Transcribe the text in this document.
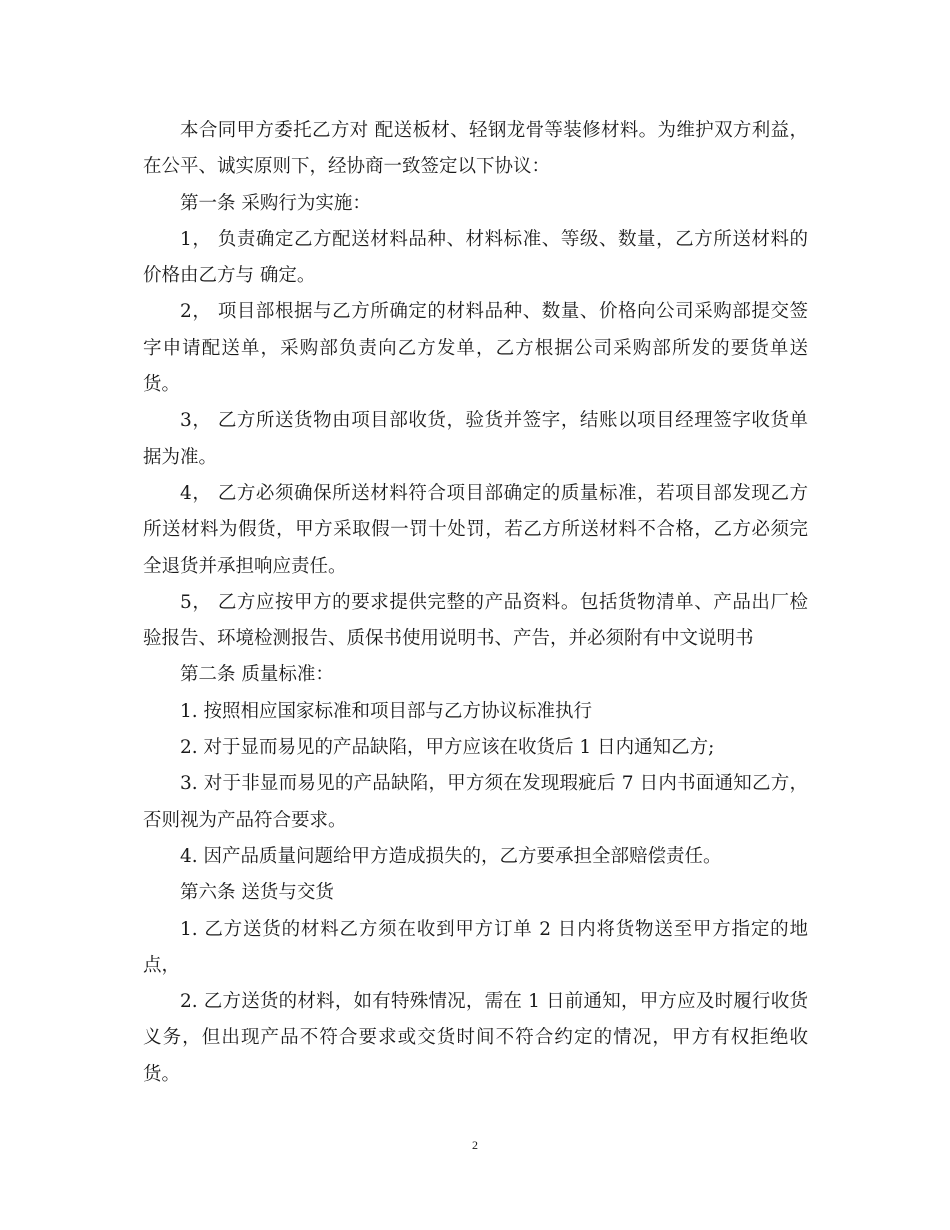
本合同甲方委托乙方对 配送板材、轻钢龙骨等装修材料。为维护双方利益，在公平、诚实原则下，经协商一致签定以下协议：

第一条 采购行为实施：

1， 负责确定乙方配送材料品种、材料标准、等级、数量，乙方所送材料的价格由乙方与 确定。

2， 项目部根据与乙方所确定的材料品种、数量、价格向公司采购部提交签字申请配送单，采购部负责向乙方发单，乙方根据公司采购部所发的要货单送货。

3， 乙方所送货物由项目部收货，验货并签字，结账以项目经理签字收货单据为准。

4， 乙方必须确保所送材料符合项目部确定的质量标准，若项目部发现乙方所送材料为假货，甲方采取假一罚十处罚，若乙方所送材料不合格，乙方必须完全退货并承担响应责任。

5， 乙方应按甲方的要求提供完整的产品资料。包括货物清单、产品出厂检验报告、环境检测报告、质保书使用说明书、产告，并必须附有中文说明书

第二条 质量标准：

1. 按照相应国家标准和项目部与乙方协议标准执行

2. 对于显而易见的产品缺陷，甲方应该在收货后 1 日内通知乙方;

3. 对于非显而易见的产品缺陷，甲方须在发现瑕疵后 7 日内书面通知乙方，否则视为产品符合要求。

4. 因产品质量问题给甲方造成损失的，乙方要承担全部赔偿责任。

第六条 送货与交货

1. 乙方送货的材料乙方须在收到甲方订单 2 日内将货物送至甲方指定的地点，

2. 乙方送货的材料，如有特殊情况，需在 1 日前通知，甲方应及时履行收货义务，但出现产品不符合要求或交货时间不符合约定的情况，甲方有权拒绝收货。

2
